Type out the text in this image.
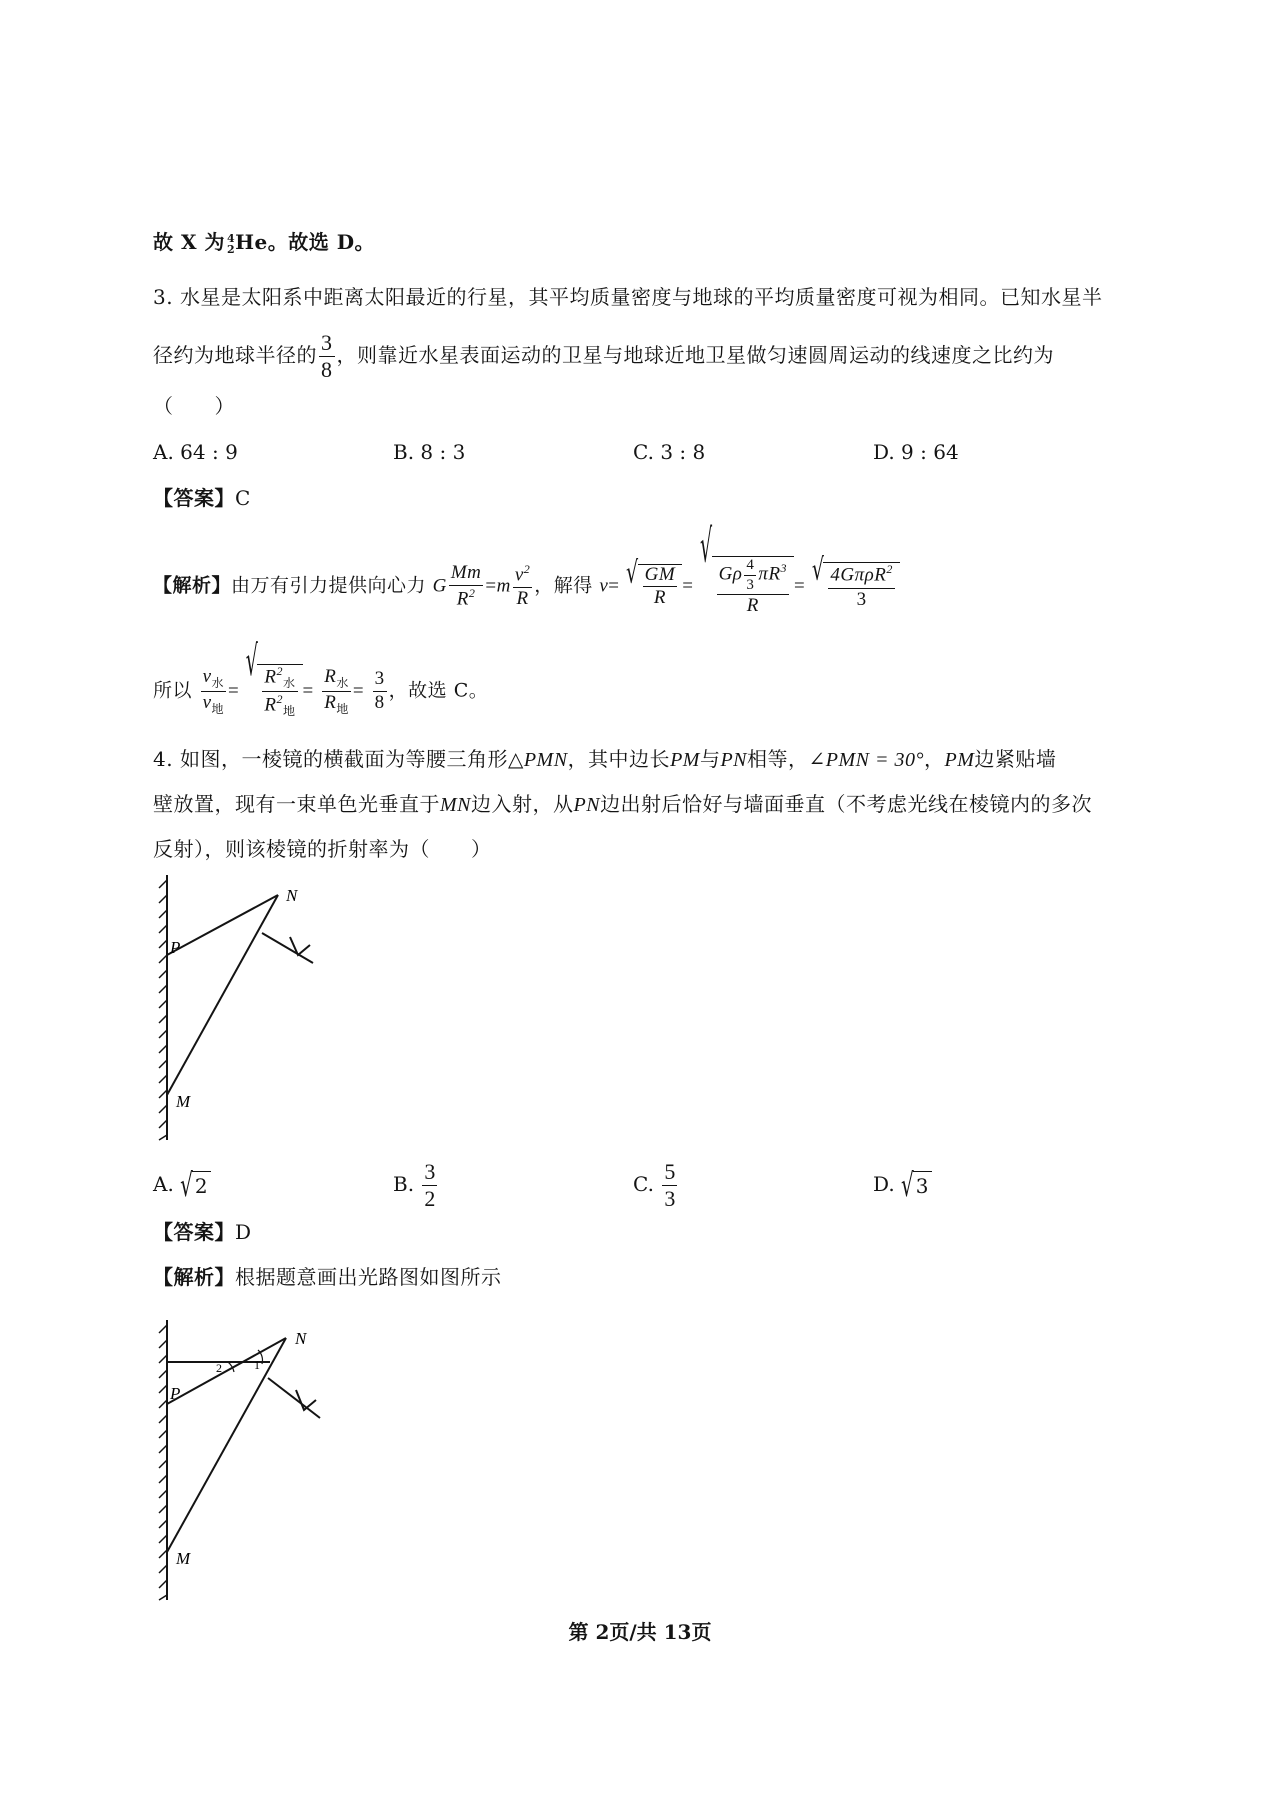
故 X 为 4
2 He。故选 D。
3. 水星是太阳系中距离太阳最近的行星，其平均质量密度与地球的平均质量密度可视为相同。已知水星半
径约为地球半径的 $\frac{3}{8}$ ，则靠近水星表面运动的卫星与地球近地卫星做匀速圆周运动的线速度之比约为
（　　）
A. 64 : 9	B. 8 : 3	C. 3 : 8	D. 9 : 64
【答案】C
【解析】由万有引力提供向心力 G $\frac{Mm}{R^2} =m \frac{v^2}{R}$ ，解得 v= √ $\frac{GM}{R}$ =
√
$\frac{G\rho \frac{4}{3} \pi R^3}{R}$ = √ $\frac{4G\pi\rho R^2}{3}$
所以 $\frac{v_水}{v_地}$ =
√
$\frac{R^2_水}{R^2_地} = \frac{R_水}{R_地} = \frac{3}{8}$ ，故选 C。
4. 如图，一棱镜的横截面为等腰三角形△PMN，其中边长PM与PN相等，∠PMN = 30°，PM边紧贴墙
壁放置，现有一束单色光垂直于MN边入射，从PN边出射后恰好与墙面垂直（不考虑光线在棱镜内的多次
反射），则该棱镜的折射率为（　　）
P
N
M
A. √ 2	B. $\frac{3}{2}$	C. $\frac{5}{3}$	D. √ 3
【答案】D
【解析】根据题意画出光路图如图所示
2	1
P
N
M
第 2页/共 13页
